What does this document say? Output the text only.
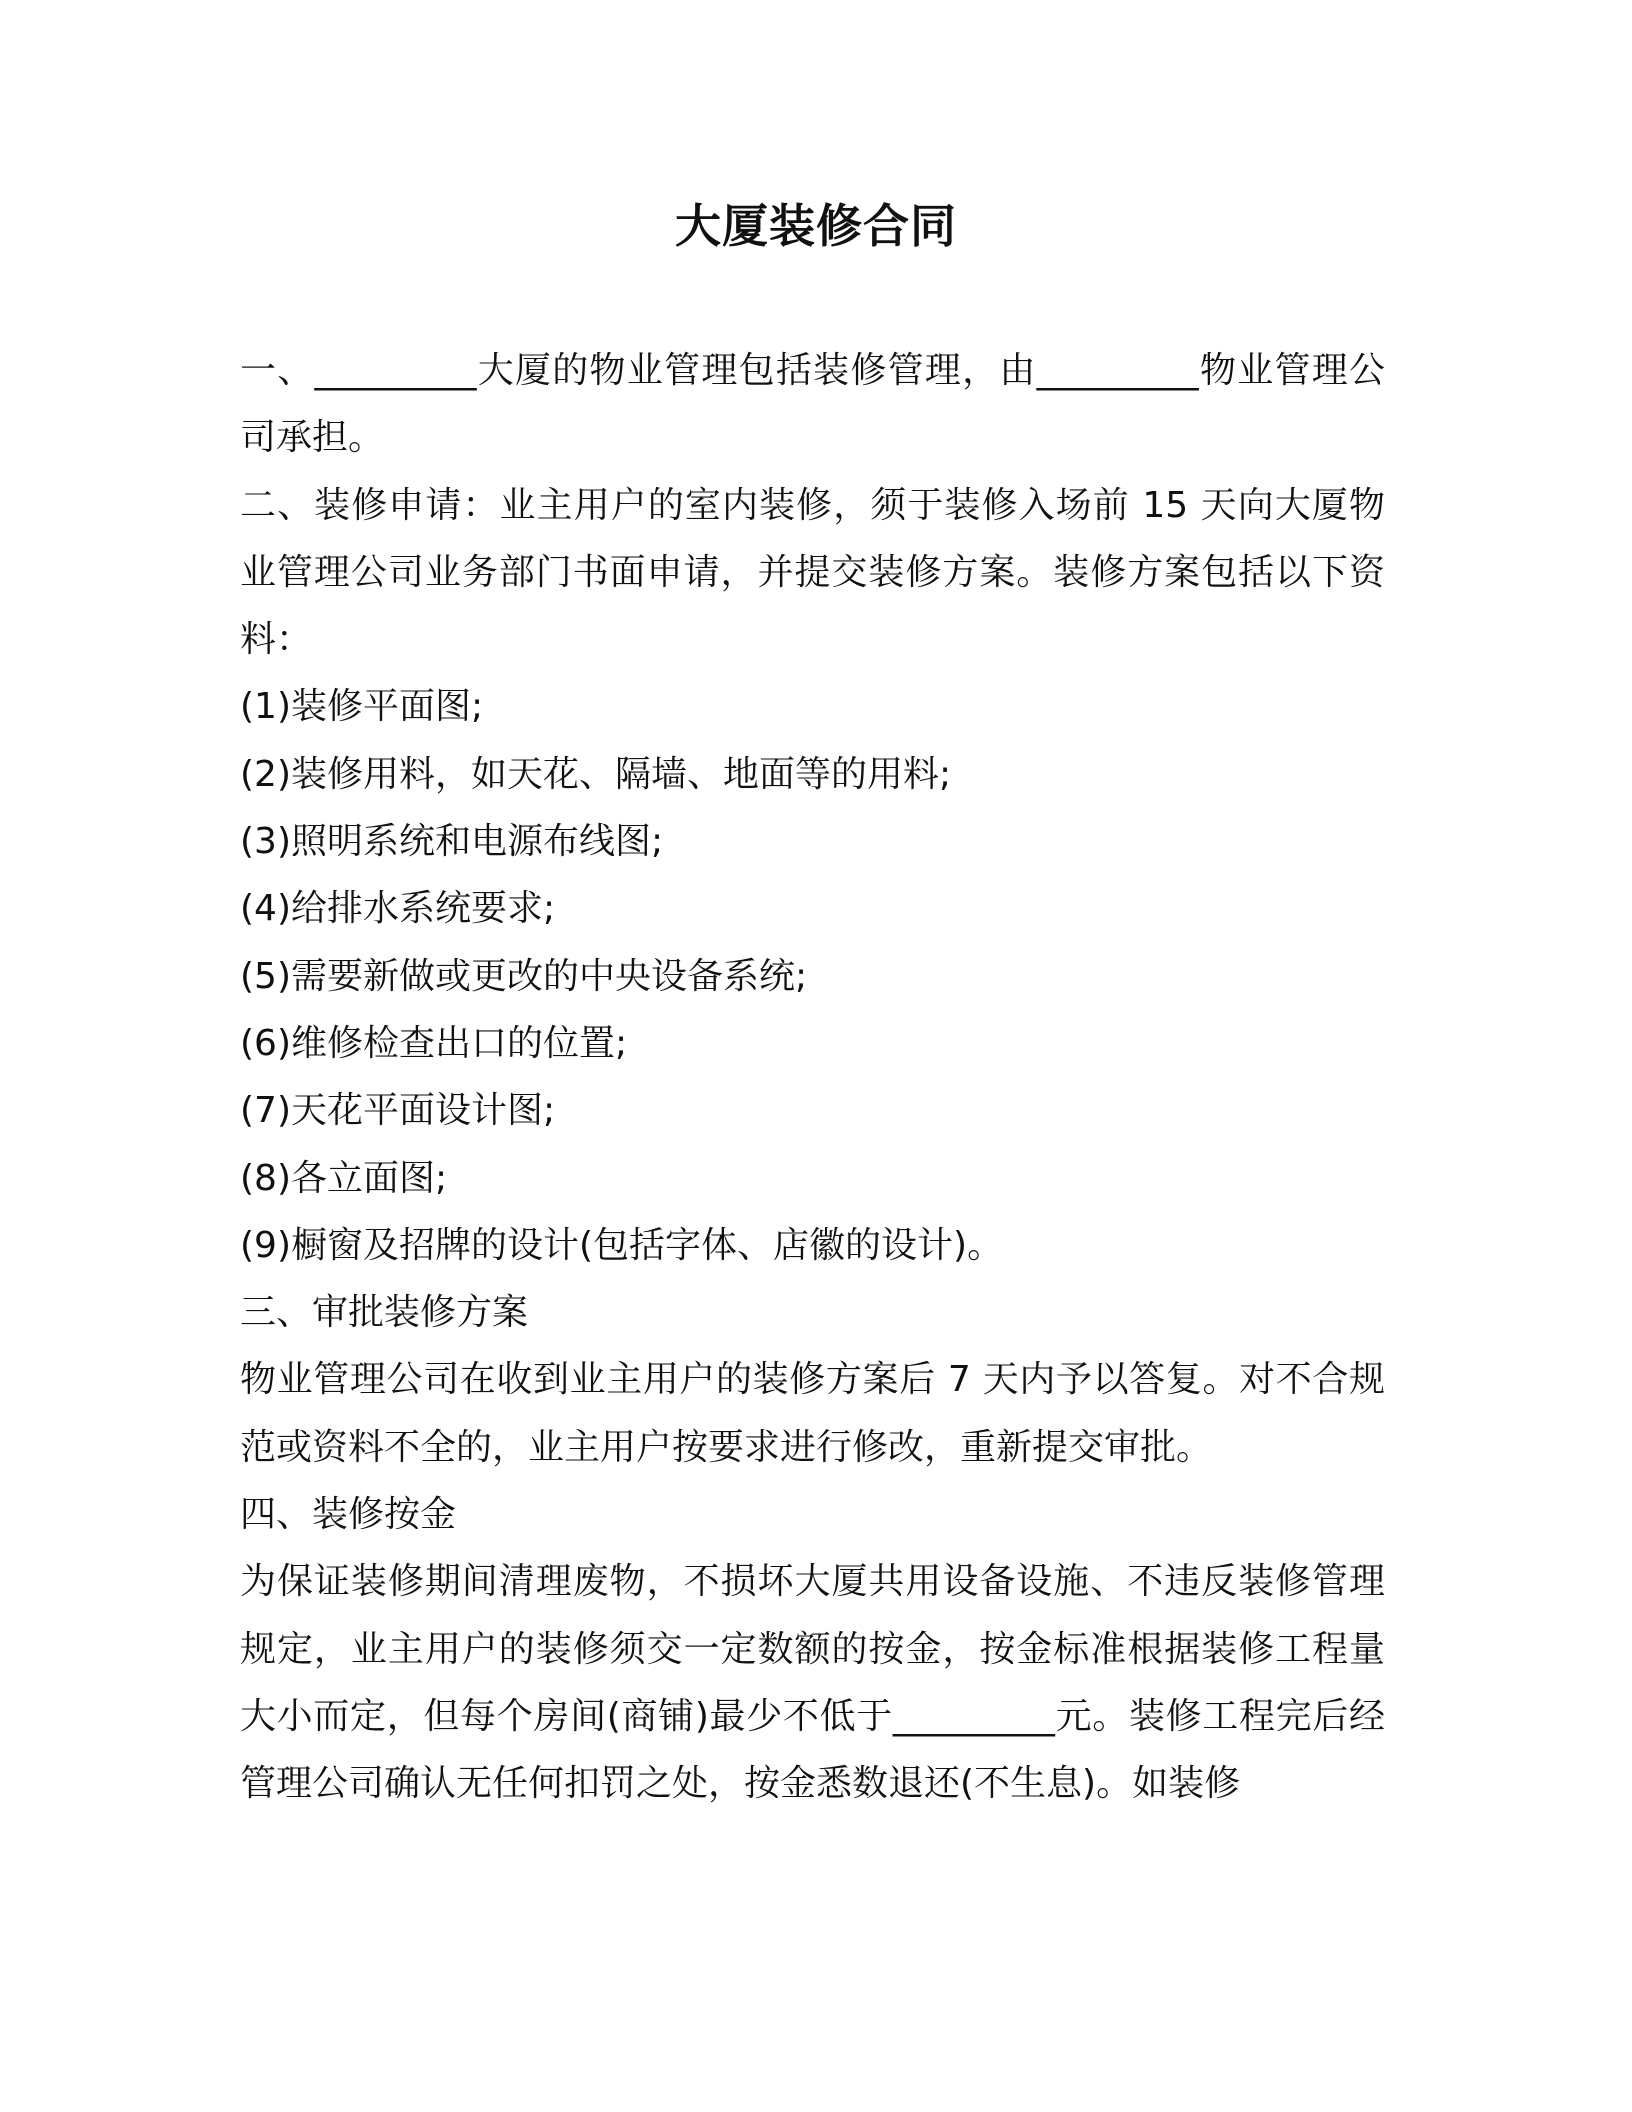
大厦装修合同

一、_________大厦的物业管理包括装修管理，由_________物业管理公司承担。

二、装修申请：业主用户的室内装修，须于装修入场前 15 天向大厦物业管理公司业务部门书面申请，并提交装修方案。装修方案包括以下资料：

(1)装修平面图;

(2)装修用料，如天花、隔墙、地面等的用料;

(3)照明系统和电源布线图;

(4)给排水系统要求;

(5)需要新做或更改的中央设备系统;

(6)维修检查出口的位置;

(7)天花平面设计图;

(8)各立面图;

(9)橱窗及招牌的设计(包括字体、店徽的设计)。

三、审批装修方案

物业管理公司在收到业主用户的装修方案后 7 天内予以答复。对不合规范或资料不全的，业主用户按要求进行修改，重新提交审批。

四、装修按金

为保证装修期间清理废物，不损坏大厦共用设备设施、不违反装修管理规定，业主用户的装修须交一定数额的按金，按金标准根据装修工程量大小而定，但每个房间(商铺)最少不低于_________元。装修工程完后经管理公司确认无任何扣罚之处，按金悉数退还(不生息)。如装修
